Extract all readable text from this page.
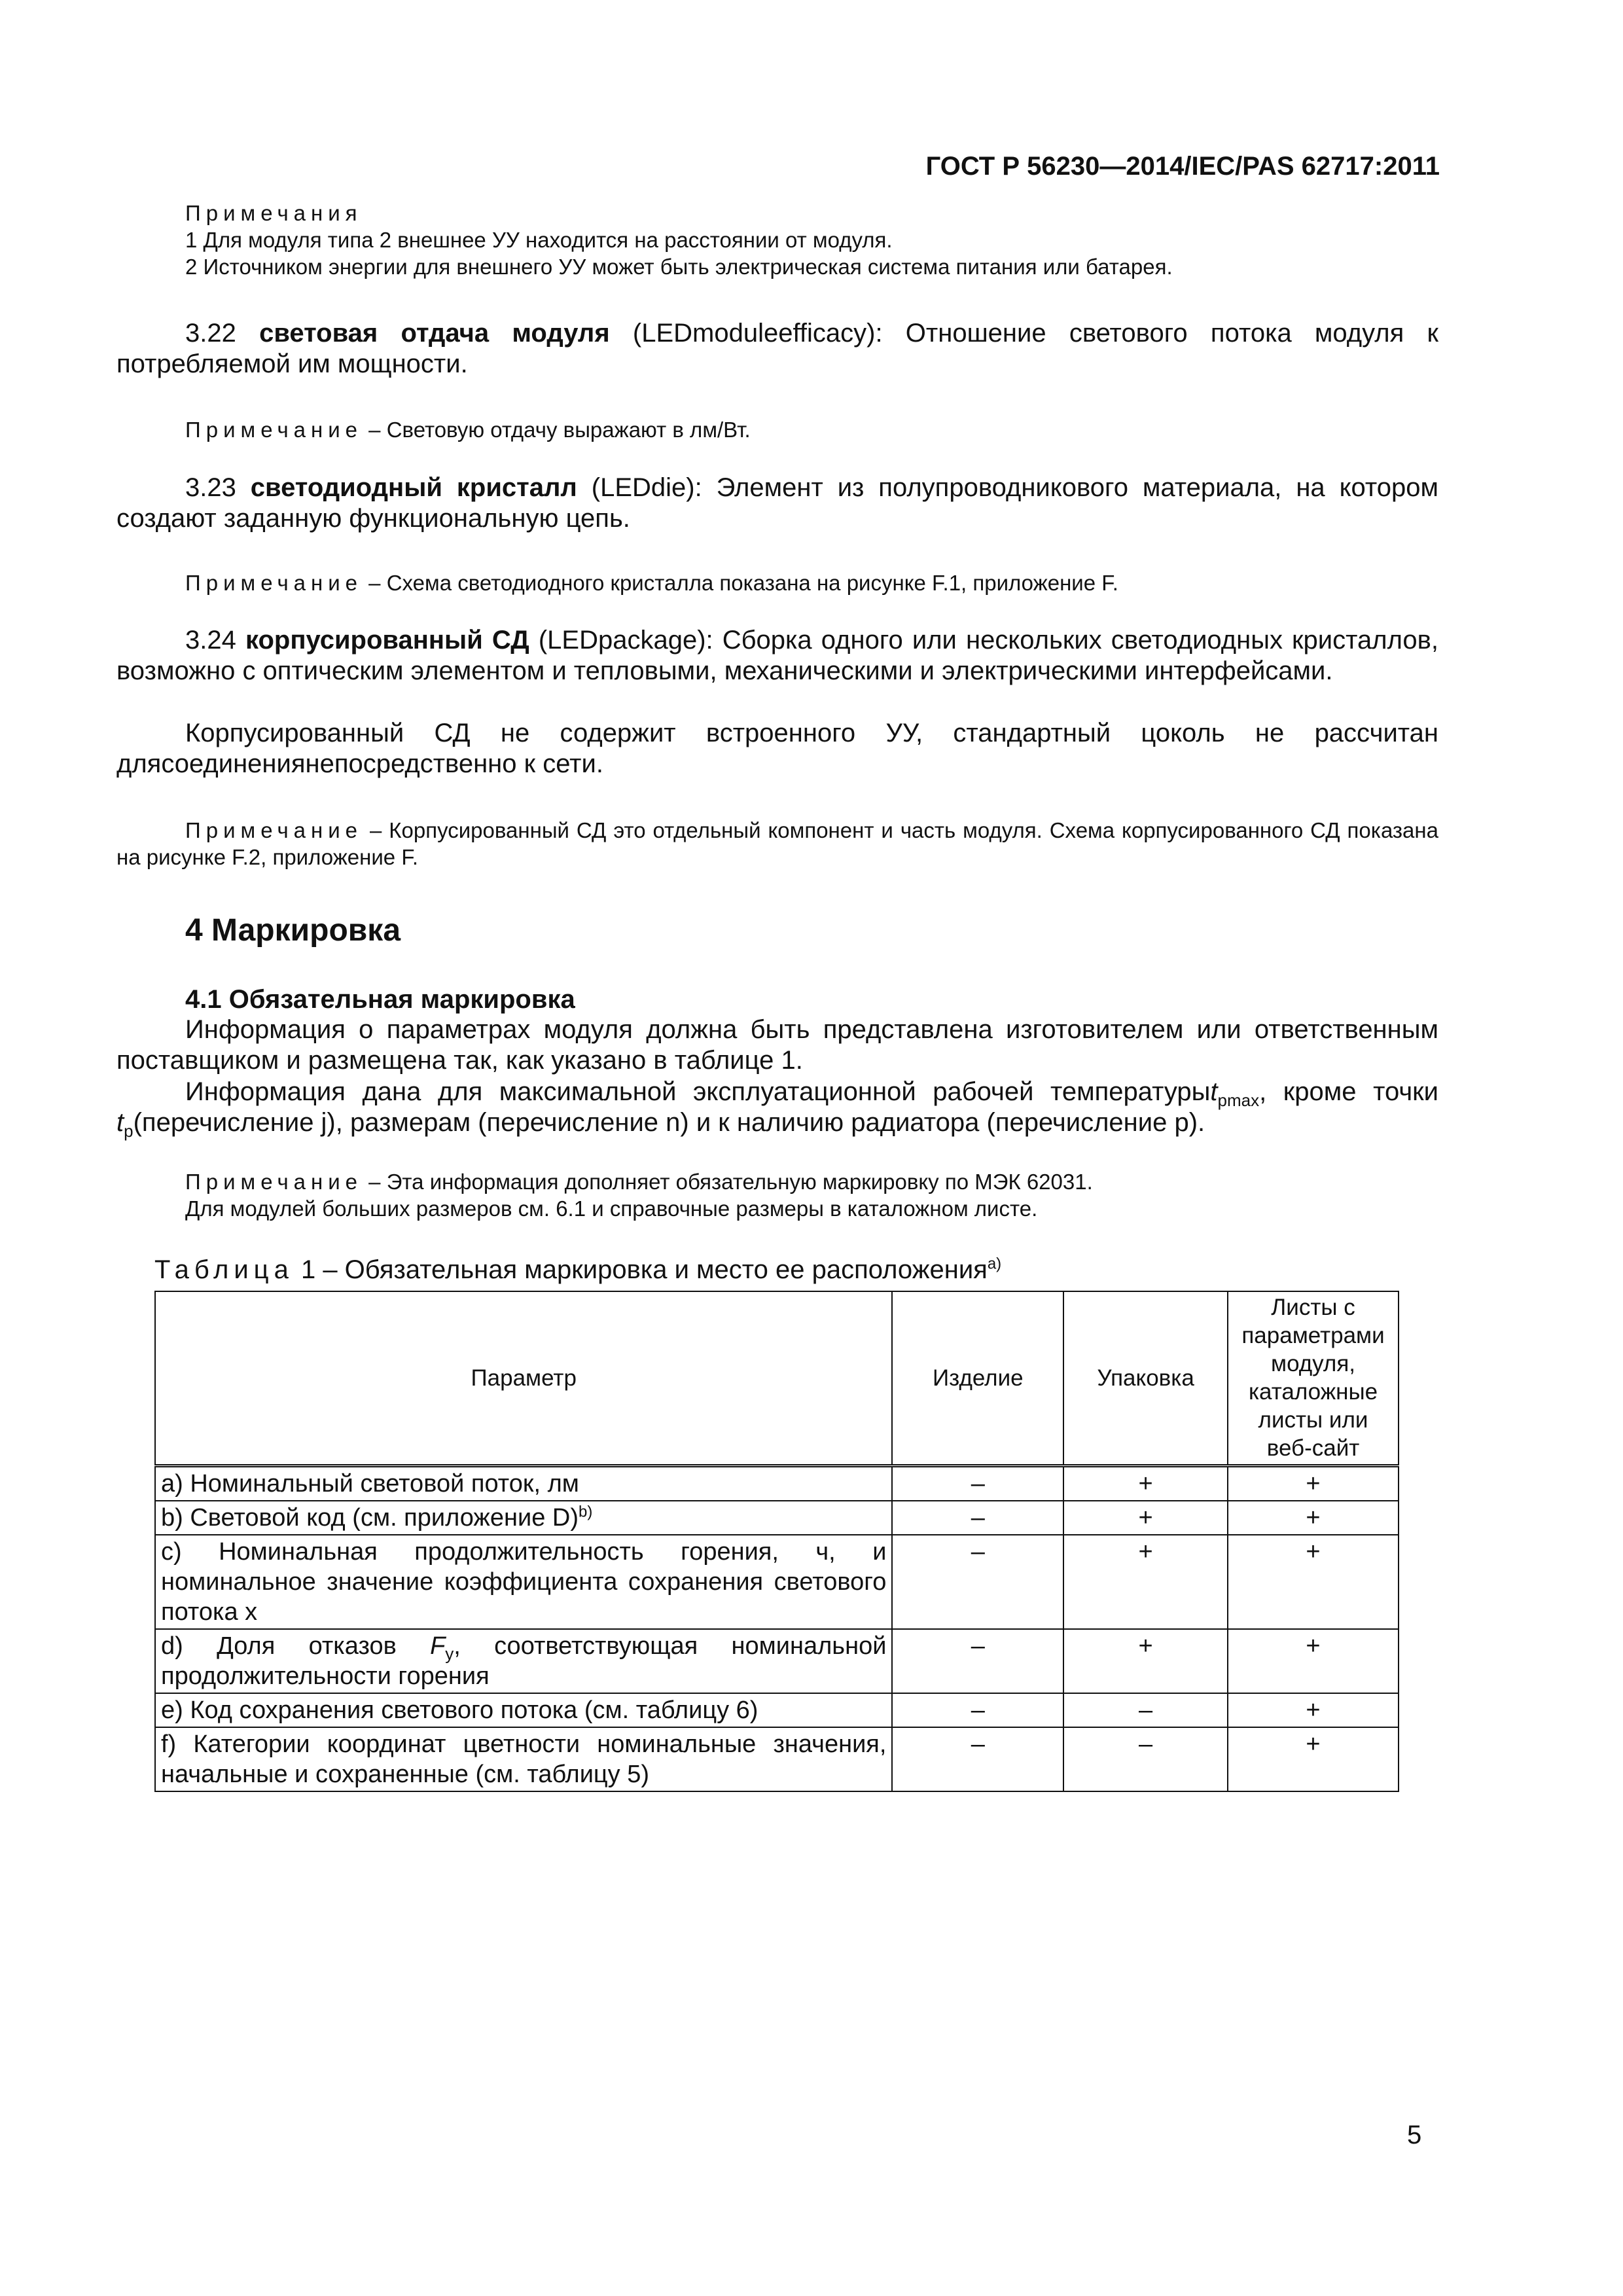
ГОСТ Р 56230—2014/IEC/PAS 62717:2011
Примечания
1 Для модуля типа 2 внешнее УУ находится на расстоянии от модуля.
2 Источником энергии для внешнего УУ может быть электрическая система питания или батарея.
3.22 световая отдача модуля (LEDmoduleefficacy): Отношение светового потока модуля к потребляемой им мощности.
Примечание – Световую отдачу выражают в лм/Вт.
3.23 светодиодный кристалл (LEDdie): Элемент из полупроводникового материала, на котором создают заданную функциональную цепь.
Примечание – Схема светодиодного кристалла показана на рисунке F.1, приложение F.
3.24 корпусированный СД (LEDpackage): Сборка одного или нескольких светодиодных кристаллов, возможно с оптическим элементом и тепловыми, механическими и электрическими интерфейсами.
Корпусированный СД не содержит встроенного УУ, стандартный цоколь не рассчитан длясоединениянепосредственно к сети.
Примечание – Корпусированный СД это отдельный компонент и часть модуля. Схема корпусированного СД показана на рисунке F.2, приложение F.
4 Маркировка
4.1 Обязательная маркировка
Информация о параметрах модуля должна быть представлена изготовителем или ответственным поставщиком и размещена так, как указано в таблице 1.
Информация дана для максимальной эксплуатационной рабочей температурыt$_{pmax}$, кроме точки $t_p(перечисление$ j), размерам (перечисление n) и к наличию радиатора (перечисление p).
Примечание – Эта информация дополняет обязательную маркировку по МЭК 62031.
Для модулей больших размеров см. 6.1 и справочные размеры в каталожном листе.
Таблица 1 – Обязательная маркировка и место ее расположения$^{а)}$
Параметр	Изделие	Упаковка	Листы с параметрами модуля, каталожные листы или веб-сайт
а) Номинальный световой поток, лм	–	+	+
b) Световой код (см. приложение D)$^{b)}$	–	+	+
c) Номинальная продолжительность горения, ч, и номинальное значение коэффициента сохранения светового потока x	–	+	+
d) Доля отказов $F_y$, соответствующая номинальной продолжительности горения	–	+	+
e) Код сохранения светового потока (см. таблицу 6)	–	–	+
f) Категории координат цветности номинальные значения, начальные и сохраненные (см. таблицу 5)	–	–	+
5
